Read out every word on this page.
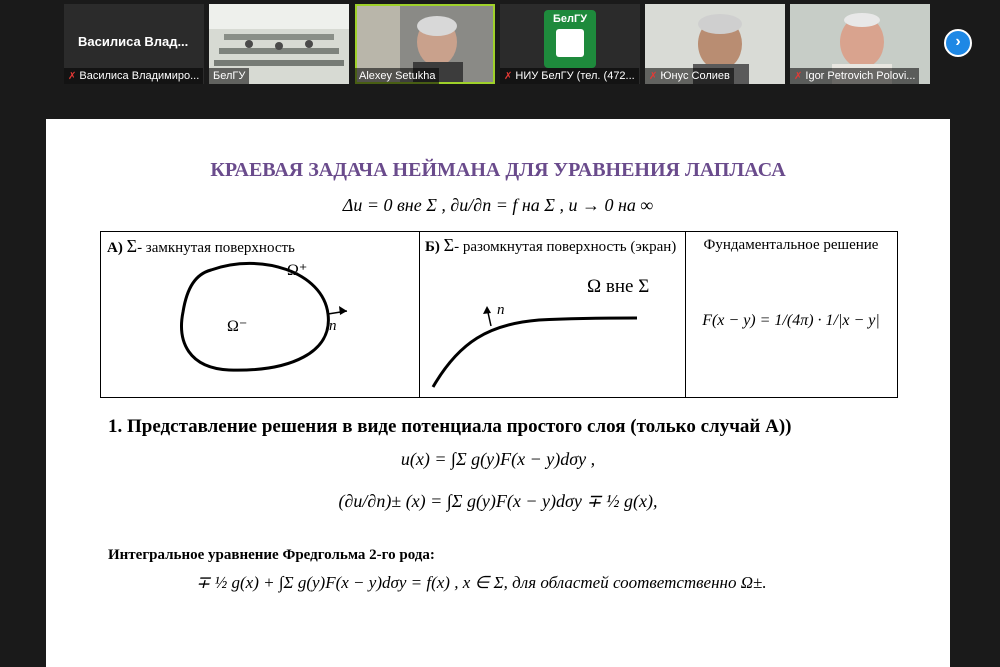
Василиса Влад...
✗ Василиса Владимиро...	БелГУ	Alexey Setukha
БелГУ
✗ НИУ БелГУ (тел. (472...	✗ Юнус Солиев	✗ Igor Petrovich Polovi...
›
КРАЕВАЯ ЗАДАЧА НЕЙМАНА ДЛЯ УРАВНЕНИЯ ЛАПЛАСА
Δu = 0 вне Σ , ∂u/∂n = f на Σ , u → 0 на ∞
А) Σ- замкнутая поверхность
Ω⁺
Ω⁻	n⃗
Б) Σ- разомкнутая поверхность (экран)
Ω вне Σ
n⃗
Фундаментальное решение
F(x − y) = 1/(4π) · 1/|x − y|
1. Представление решения в виде потенциала простого слоя (только случай А))
u(x) = ∫Σ g(y)F(x − y)dσy ,
(∂u/∂n)± (x) = ∫Σ g(y)F(x − y)dσy ∓ ½ g(x),
Интегральное уравнение Фредгольма 2-го рода:
∓ ½ g(x) + ∫Σ g(y)F(x − y)dσy = f(x) , x ∈ Σ, для областей соответственно Ω±.
